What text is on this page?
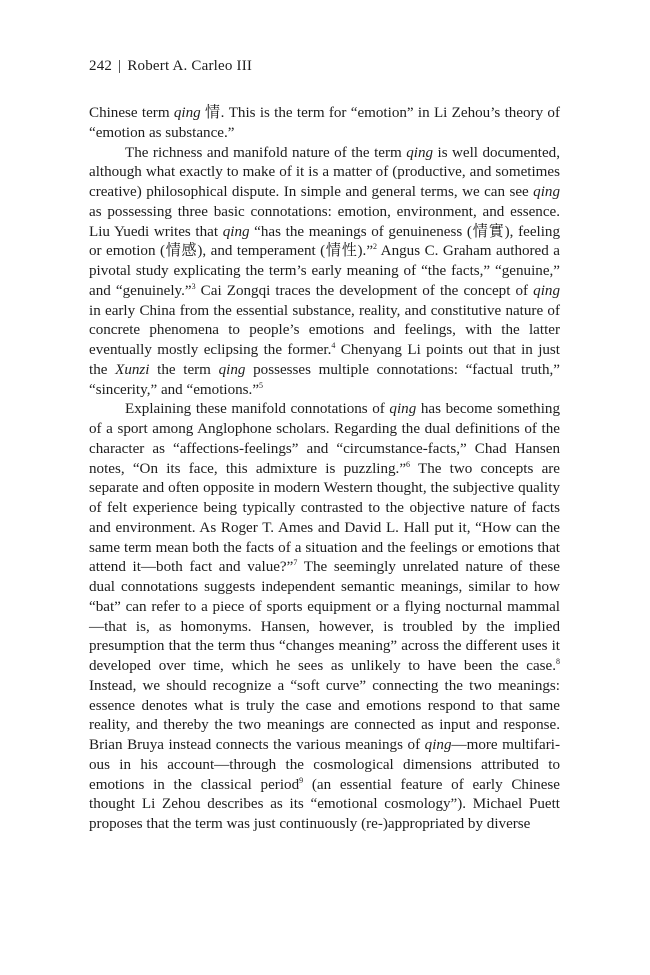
242 | Robert A. Carleo III

Chinese term qing 情. This is the term for “emotion” in Li Zehou’s theory of “emotion as substance.”

The richness and manifold nature of the term qing is well documented, although what exactly to make of it is a matter of (productive, and sometimes creative) philosophical dispute. In simple and general terms, we can see qing as possessing three basic connotations: emotion, environment, and essence. Liu Yuedi writes that qing “has the meanings of genuineness (情實), feeling or emotion (情感), and temperament (情性).”$^2$ Angus C. Graham authored a pivotal study explicating the term’s early meaning of “the facts,” “genuine,” and “genuinely.”$^3$ Cai Zongqi traces the development of the concept of qing in early China from the essential substance, reality, and constitutive nature of concrete phenomena to people’s emotions and feelings, with the latter eventually mostly eclipsing the former.$^4$ Chenyang Li points out that in just the Xunzi the term qing possesses multiple connotations: “factual truth,” “sincerity,” and “emotions.”$^5$

Explaining these manifold connotations of qing has become something of a sport among Anglophone scholars. Regarding the dual definitions of the character as “affections-feelings” and “circumstance-facts,” Chad Hansen notes, “On its face, this admixture is puzzling.”$^6$ The two concepts are separate and often opposite in modern Western thought, the subjective quality of felt experience being typically contrasted to the objective nature of facts and environment. As Roger T. Ames and David L. Hall put it, “How can the same term mean both the facts of a situation and the feelings or emotions that attend it—both fact and value?”$^7$ The seemingly unrelated nature of these dual connotations suggests independent semantic meanings, similar to how “bat” can refer to a piece of sports equipment or a flying nocturnal mammal—that is, as homonyms. Hansen, however, is troubled by the implied presumption that the term thus “changes meaning” across the different uses it developed over time, which he sees as unlikely to have been the case.$^8$ Instead, we should recognize a “soft curve” connecting the two meanings: essence denotes what is truly the case and emotions respond to that same reality, and thereby the two meanings are connected as input and response. Brian Bruya instead connects the various meanings of qing—more multifarious in his account—through the cosmological dimensions attributed to emotions in the classical period$^9$ (an essential feature of early Chinese thought Li Zehou describes as its “emotional cosmology”). Michael Puett proposes that the term was just continuously (re-)appropriated by diverse
